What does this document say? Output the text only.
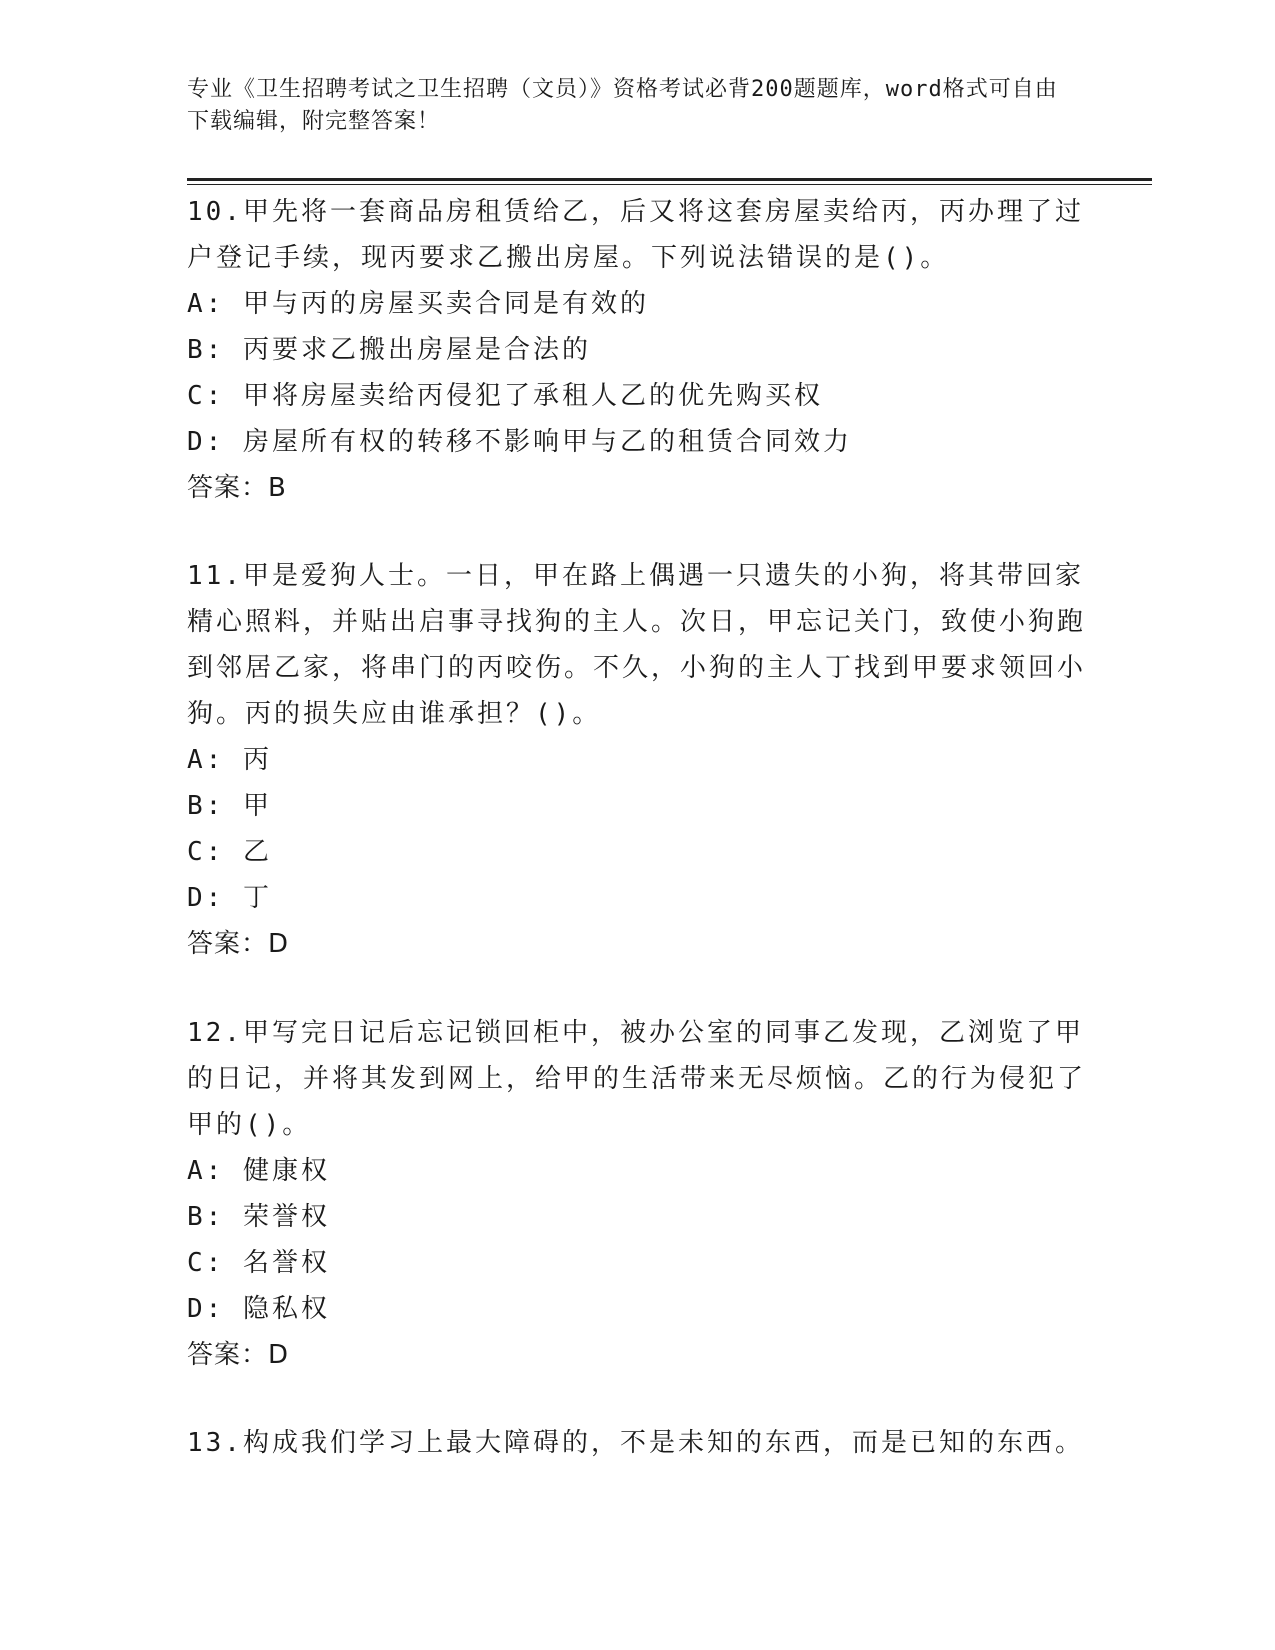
专业《卫生招聘考试之卫生招聘（文员）》资格考试必背200题题库，word格式可自由下载编辑，附完整答案！
10.甲先将一套商品房租赁给乙，后又将这套房屋卖给丙，丙办理了过户登记手续，现丙要求乙搬出房屋。下列说法错误的是()。
A: 甲与丙的房屋买卖合同是有效的
B: 丙要求乙搬出房屋是合法的
C: 甲将房屋卖给丙侵犯了承租人乙的优先购买权
D: 房屋所有权的转移不影响甲与乙的租赁合同效力
答案：B
11.甲是爱狗人士。一日，甲在路上偶遇一只遗失的小狗，将其带回家精心照料，并贴出启事寻找狗的主人。次日，甲忘记关门，致使小狗跑到邻居乙家，将串门的丙咬伤。不久，小狗的主人丁找到甲要求领回小狗。丙的损失应由谁承担？()。
A: 丙
B: 甲
C: 乙
D: 丁
答案：D
12.甲写完日记后忘记锁回柜中，被办公室的同事乙发现，乙浏览了甲的日记，并将其发到网上，给甲的生活带来无尽烦恼。乙的行为侵犯了甲的()。
A: 健康权
B: 荣誉权
C: 名誉权
D: 隐私权
答案：D
13.构成我们学习上最大障碍的，不是未知的东西，而是已知的东西。
